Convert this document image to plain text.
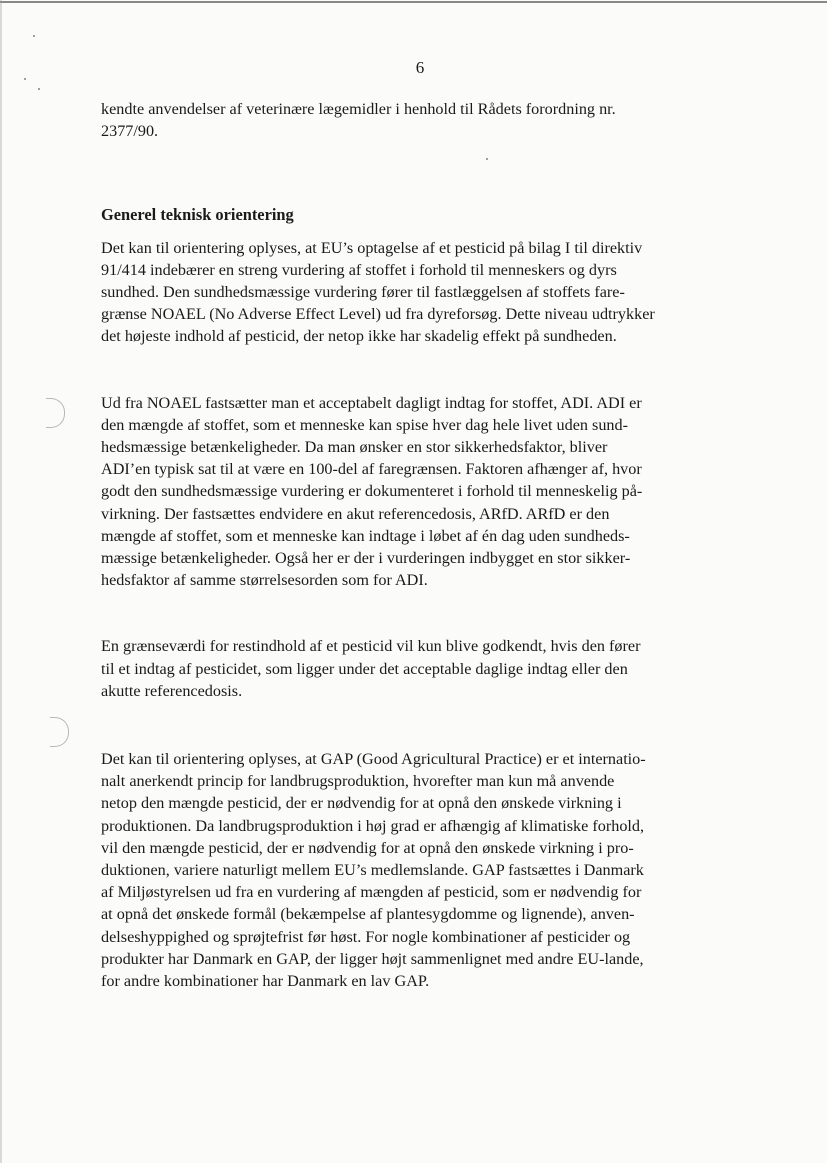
6

kendte anvendelser af veterinære lægemidler i henhold til Rådets forordning nr.
2377/90.

Generel teknisk orientering

Det kan til orientering oplyses, at EU’s optagelse af et pesticid på bilag I til direktiv
91/414 indebærer en streng vurdering af stoffet i forhold til menneskers og dyrs
sundhed. Den sundhedsmæssige vurdering fører til fastlæggelsen af stoffets fare-
grænse NOAEL (No Adverse Effect Level) ud fra dyreforsøg. Dette niveau udtrykker
det højeste indhold af pesticid, der netop ikke har skadelig effekt på sundheden.

Ud fra NOAEL fastsætter man et acceptabelt dagligt indtag for stoffet, ADI. ADI er
den mængde af stoffet, som et menneske kan spise hver dag hele livet uden sund-
hedsmæssige betænkeligheder. Da man ønsker en stor sikkerhedsfaktor, bliver
ADI’en typisk sat til at være en 100-del af faregrænsen. Faktoren afhænger af, hvor
godt den sundhedsmæssige vurdering er dokumenteret i forhold til menneskelig på-
virkning. Der fastsættes endvidere en akut referencedosis, ARfD. ARfD er den
mængde af stoffet, som et menneske kan indtage i løbet af én dag uden sundheds-
mæssige betænkeligheder. Også her er der i vurderingen indbygget en stor sikker-
hedsfaktor af samme størrelsesorden som for ADI.

En grænseværdi for restindhold af et pesticid vil kun blive godkendt, hvis den fører
til et indtag af pesticidet, som ligger under det acceptable daglige indtag eller den
akutte referencedosis.

Det kan til orientering oplyses, at GAP (Good Agricultural Practice) er et internatio-
nalt anerkendt princip for landbrugsproduktion, hvorefter man kun må anvende
netop den mængde pesticid, der er nødvendig for at opnå den ønskede virkning i
produktionen. Da landbrugsproduktion i høj grad er afhængig af klimatiske forhold,
vil den mængde pesticid, der er nødvendig for at opnå den ønskede virkning i pro-
duktionen, variere naturligt mellem EU’s medlemslande. GAP fastsættes i Danmark
af Miljøstyrelsen ud fra en vurdering af mængden af pesticid, som er nødvendig for
at opnå det ønskede formål (bekæmpelse af plantesygdomme og lignende), anven-
delseshyppighed og sprøjtefrist før høst. For nogle kombinationer af pesticider og
produkter har Danmark en GAP, der ligger højt sammenlignet med andre EU-lande,
for andre kombinationer har Danmark en lav GAP.
